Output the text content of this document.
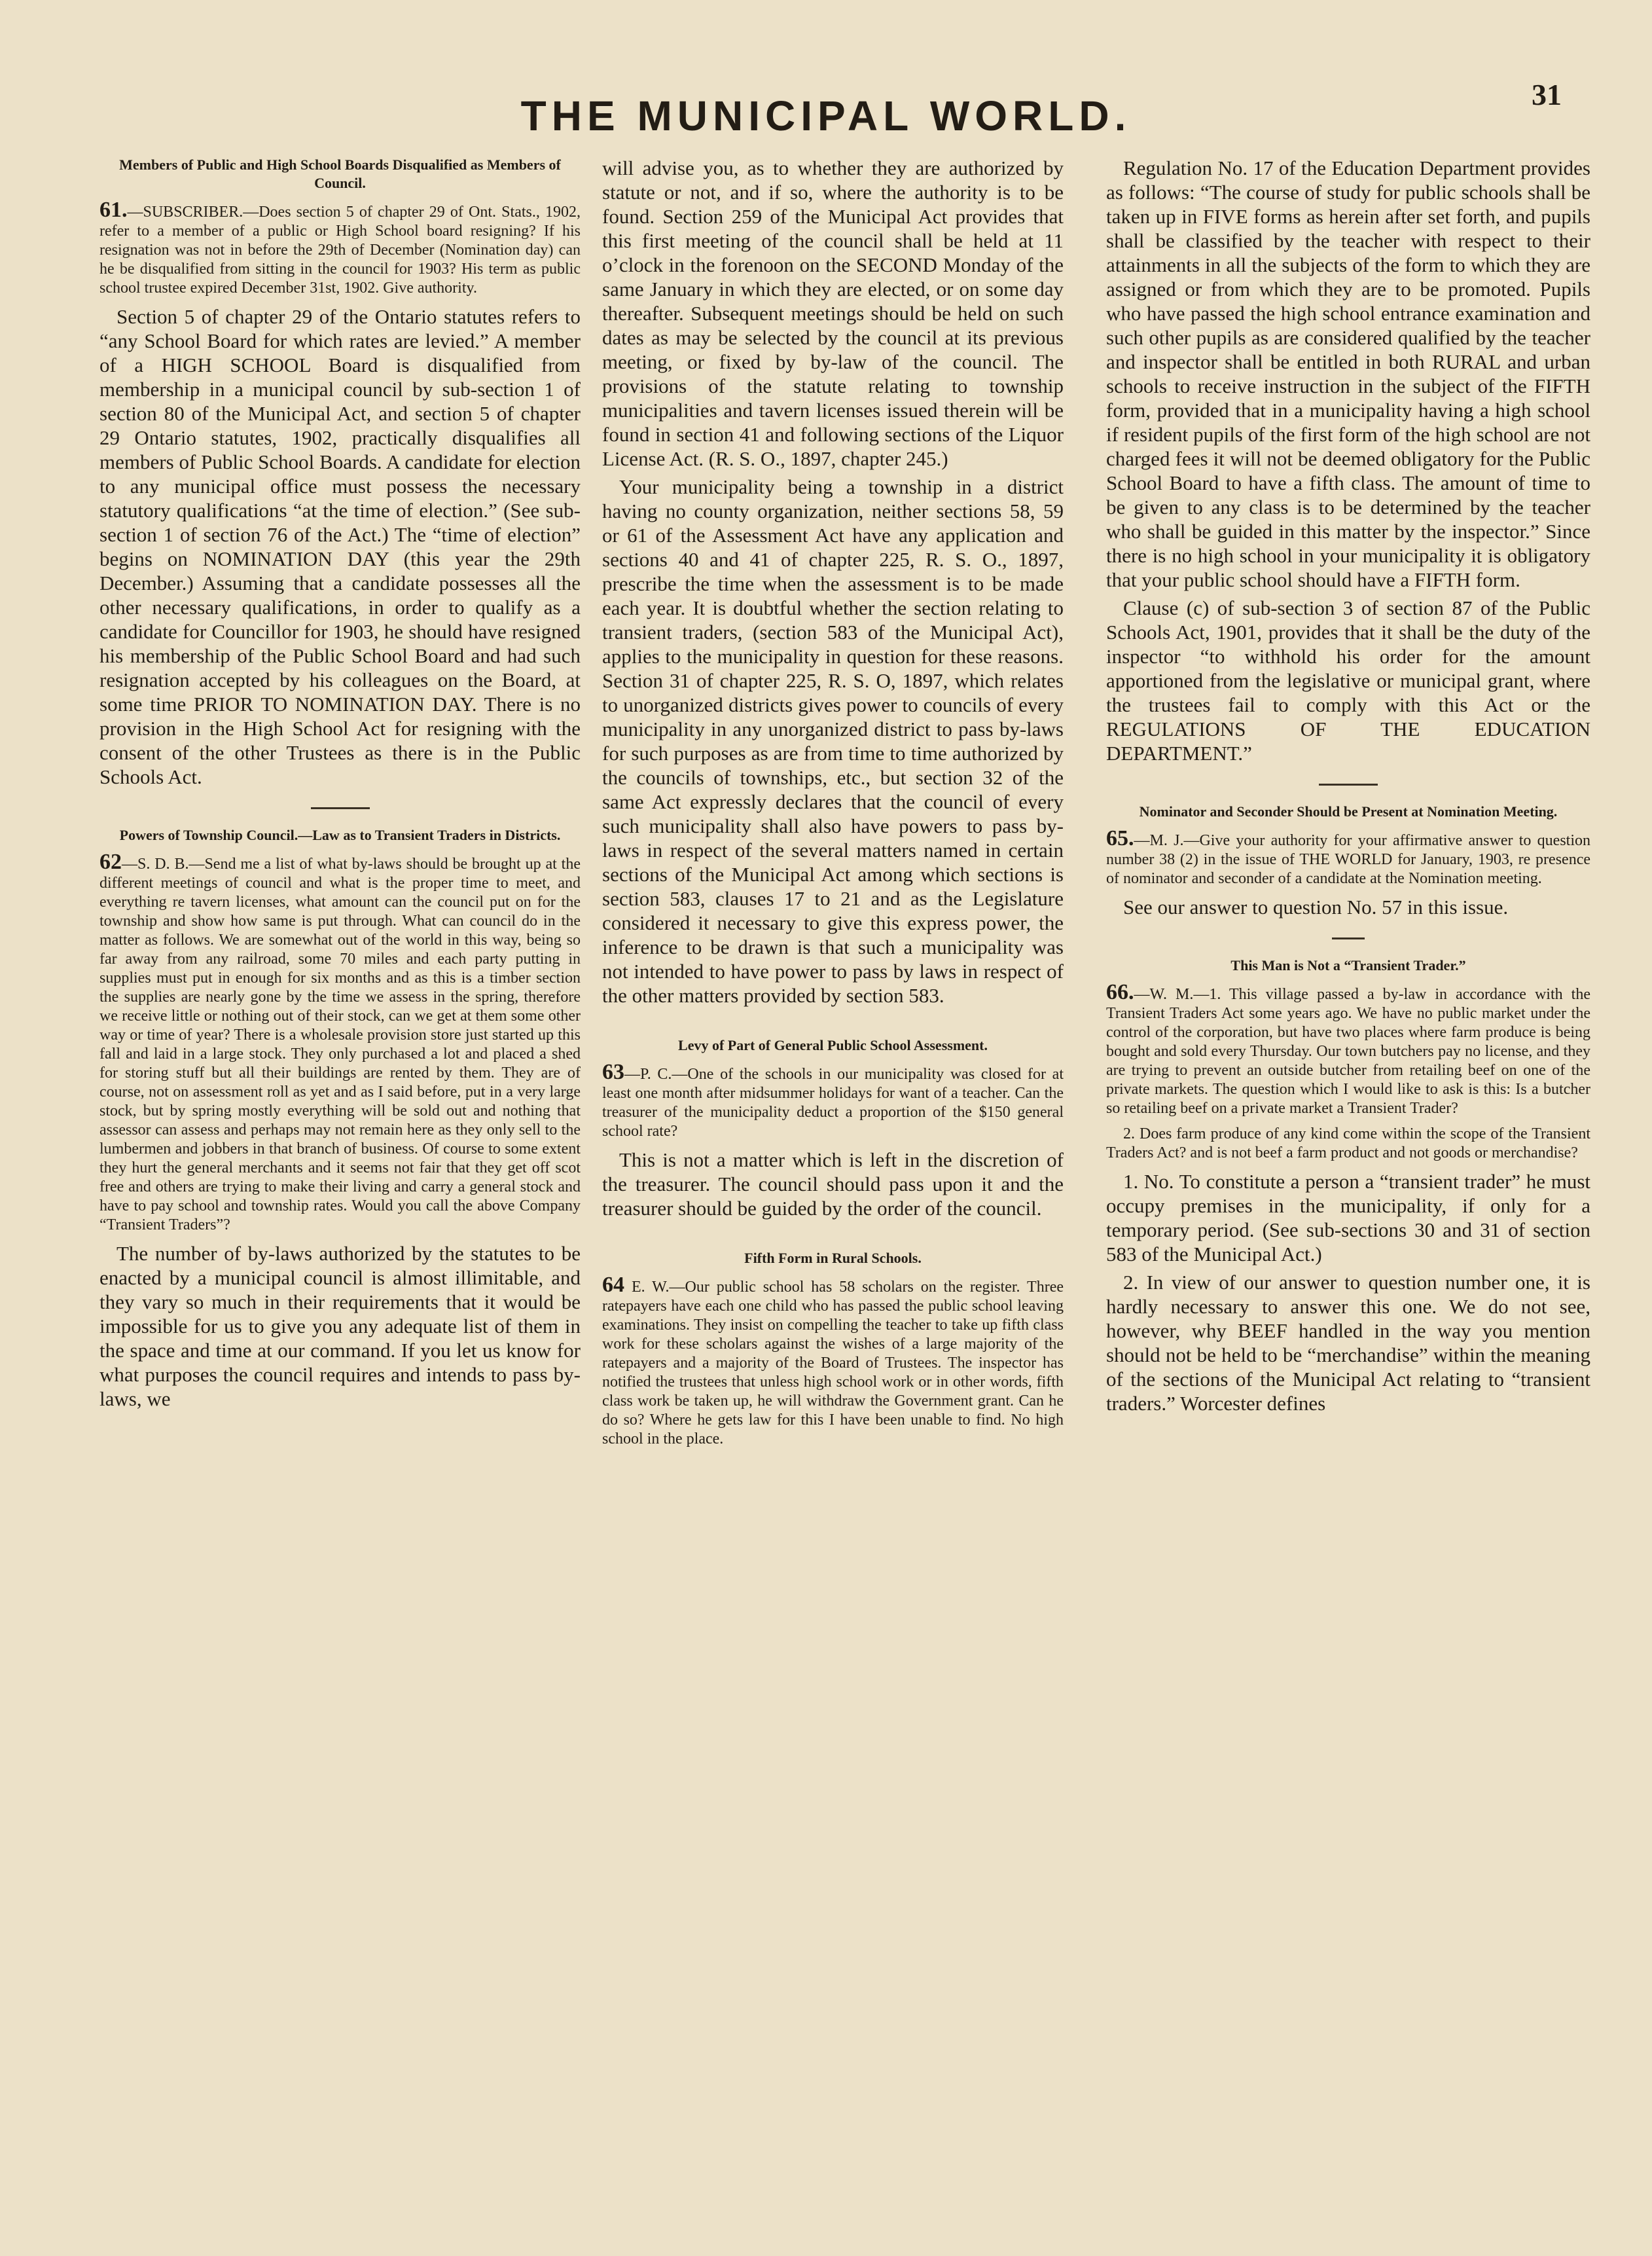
31
THE MUNICIPAL WORLD.
Members of Public and High School Boards Disqualified as Members of Council.

61.—SUBSCRIBER.—Does section 5 of chapter 29 of Ont. Stats., 1902, refer to a member of a public or High School board resigning? If his resignation was not in before the 29th of December (Nomination day) can he be disqualified from sitting in the council for 1903? His term as public school trustee expired December 31st, 1902. Give authority.

Section 5 of chapter 29 of the Ontario statutes refers to “any School Board for which rates are levied.” A member of a HIGH SCHOOL Board is disqualified from membership in a municipal council by sub-section 1 of section 80 of the Municipal Act, and section 5 of chapter 29 Ontario statutes, 1902, practically disqualifies all members of Public School Boards. A candidate for election to any municipal office must possess the necessary statutory qualifications “at the time of election.” (See sub-section 1 of section 76 of the Act.) The “time of election” begins on NOMINATION DAY (this year the 29th December.) Assuming that a candidate possesses all the other necessary qualifications, in order to qualify as a candidate for Councillor for 1903, he should have resigned his membership of the Public School Board and had such resignation accepted by his colleagues on the Board, at some time PRIOR TO NOMINATION DAY. There is no provision in the High School Act for resigning with the consent of the other Trustees as there is in the Public Schools Act.

Powers of Township Council.—Law as to Transient Traders in Districts.

62—S. D. B.—Send me a list of what by-laws should be brought up at the different meetings of council and what is the proper time to meet, and everything re tavern licenses, what amount can the council put on for the township and show how same is put through. What can council do in the matter as follows. We are somewhat out of the world in this way, being so far away from any railroad, some 70 miles and each party putting in supplies must put in enough for six months and as this is a timber section the supplies are nearly gone by the time we assess in the spring, therefore we receive little or nothing out of their stock, can we get at them some other way or time of year? There is a wholesale provision store just started up this fall and laid in a large stock. They only purchased a lot and placed a shed for storing stuff but all their buildings are rented by them. They are of course, not on assessment roll as yet and as I said before, put in a very large stock, but by spring mostly everything will be sold out and nothing that assessor can assess and perhaps may not remain here as they only sell to the lumbermen and jobbers in that branch of business. Of course to some extent they hurt the general merchants and it seems not fair that they get off scot free and others are trying to make their living and carry a general stock and have to pay school and township rates. Would you call the above Company “Transient Traders”?

The number of by-laws authorized by the statutes to be enacted by a municipal council is almost illimitable, and they vary so much in their requirements that it would be impossible for us to give you any adequate list of them in the space and time at our command. If you let us know for what purposes the council requires and intends to pass by-laws, we

will advise you, as to whether they are authorized by statute or not, and if so, where the authority is to be found. Section 259 of the Municipal Act provides that this first meeting of the council shall be held at 11 o’clock in the forenoon on the SECOND Monday of the same January in which they are elected, or on some day thereafter. Subsequent meetings should be held on such dates as may be selected by the council at its previous meeting, or fixed by by-law of the council. The provisions of the statute relating to township municipalities and tavern licenses issued therein will be found in section 41 and following sections of the Liquor License Act. (R. S. O., 1897, chapter 245.)

Your municipality being a township in a district having no county organization, neither sections 58, 59 or 61 of the Assessment Act have any application and sections 40 and 41 of chapter 225, R. S. O., 1897, prescribe the time when the assessment is to be made each year. It is doubtful whether the section relating to transient traders, (section 583 of the Municipal Act), applies to the municipality in question for these reasons. Section 31 of chapter 225, R. S. O, 1897, which relates to unorganized districts gives power to councils of every municipality in any unorganized district to pass by-laws for such purposes as are from time to time authorized by the councils of townships, etc., but section 32 of the same Act expressly declares that the council of every such municipality shall also have powers to pass by-laws in respect of the several matters named in certain sections of the Municipal Act among which sections is section 583, clauses 17 to 21 and as the Legislature considered it necessary to give this express power, the inference to be drawn is that such a municipality was not intended to have power to pass by laws in respect of the other matters provided by section 583.

Levy of Part of General Public School Assessment.

63—P. C.—One of the schools in our municipality was closed for at least one month after midsummer holidays for want of a teacher. Can the treasurer of the municipality deduct a proportion of the $150 general school rate?

This is not a matter which is left in the discretion of the treasurer. The council should pass upon it and the treasurer should be guided by the order of the council.

Fifth Form in Rural Schools.

64 E. W.—Our public school has 58 scholars on the register. Three ratepayers have each one child who has passed the public school leaving examinations. They insist on compelling the teacher to take up fifth class work for these scholars against the wishes of a large majority of the ratepayers and a majority of the Board of Trustees. The inspector has notified the trustees that unless high school work or in other words, fifth class work be taken up, he will withdraw the Government grant. Can he do so? Where he gets law for this I have been unable to find. No high school in the place.

Regulation No. 17 of the Education Department provides as follows: “The course of study for public schools shall be taken up in FIVE forms as herein after set forth, and pupils shall be classified by the teacher with respect to their attainments in all the subjects of the form to which they are assigned or from which they are to be promoted. Pupils who have passed the high school entrance examination and such other pupils as are considered qualified by the teacher and inspector shall be entitled in both RURAL and urban schools to receive instruction in the subject of the FIFTH form, provided that in a municipality having a high school if resident pupils of the first form of the high school are not charged fees it will not be deemed obligatory for the Public School Board to have a fifth class. The amount of time to be given to any class is to be determined by the teacher who shall be guided in this matter by the inspector.” Since there is no high school in your municipality it is obligatory that your public school should have a FIFTH form.

Clause (c) of sub-section 3 of section 87 of the Public Schools Act, 1901, provides that it shall be the duty of the inspector “to withhold his order for the amount apportioned from the legislative or municipal grant, where the trustees fail to comply with this Act or the REGULATIONS OF THE EDUCATION DEPARTMENT.”

Nominator and Seconder Should be Present at Nomination Meeting.

65.—M. J.—Give your authority for your affirmative answer to question number 38 (2) in the issue of THE WORLD for January, 1903, re presence of nominator and seconder of a candidate at the Nomination meeting.

See our answer to question No. 57 in this issue.

This Man is Not a “Transient Trader.”

66.—W. M.—1. This village passed a by-law in accordance with the Transient Traders Act some years ago. We have no public market under the control of the corporation, but have two places where farm produce is being bought and sold every Thursday. Our town butchers pay no license, and they are trying to prevent an outside butcher from retailing beef on one of the private markets. The question which I would like to ask is this: Is a butcher so retailing beef on a private market a Transient Trader?

2. Does farm produce of any kind come within the scope of the Transient Traders Act? and is not beef a farm product and not goods or merchandise?

1. No. To constitute a person a “transient trader” he must occupy premises in the municipality, if only for a temporary period. (See sub-sections 30 and 31 of section 583 of the Municipal Act.)

2. In view of our answer to question number one, it is hardly necessary to answer this one. We do not see, however, why BEEF handled in the way you mention should not be held to be “merchandise” within the meaning of the sections of the Municipal Act relating to “transient traders.” Worcester defines
